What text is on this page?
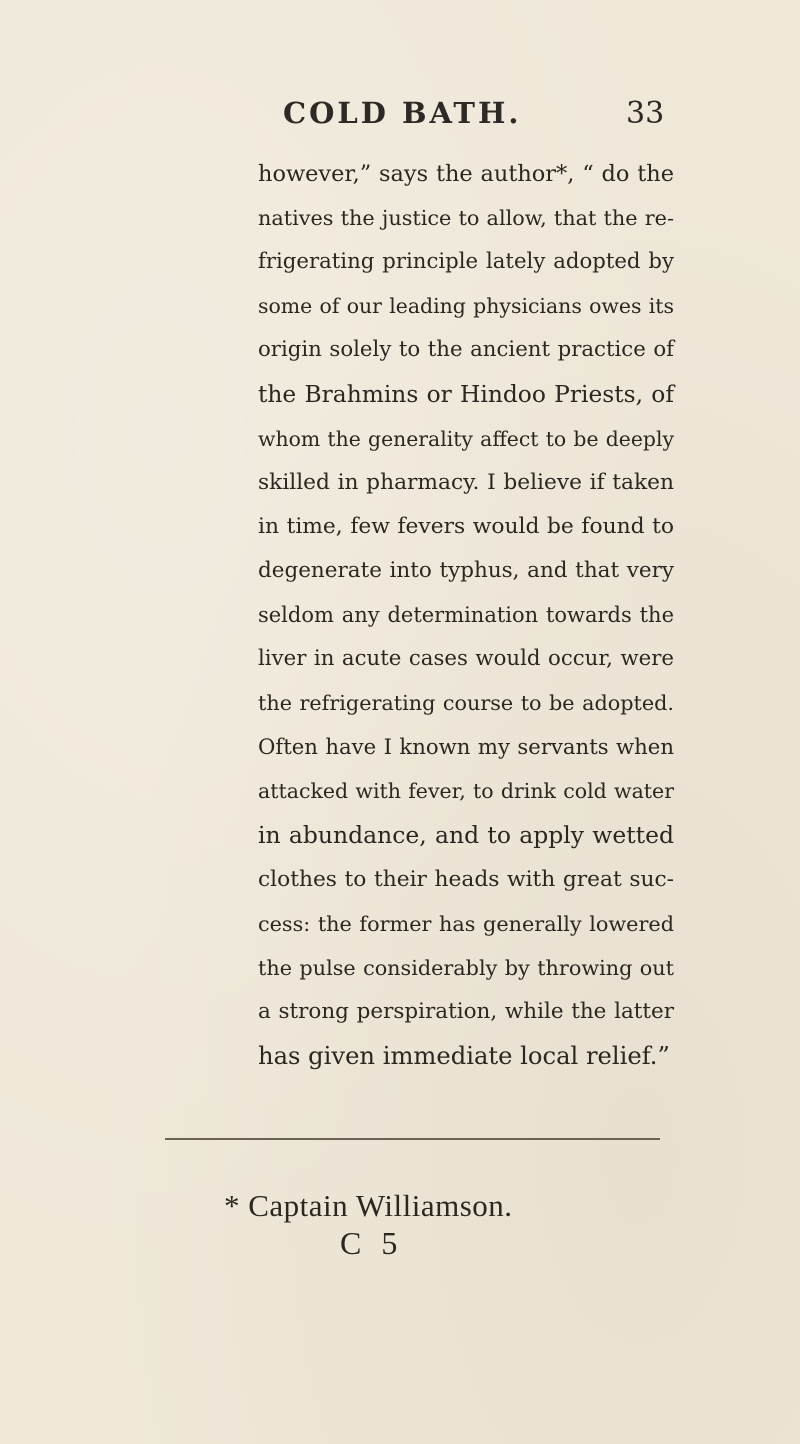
COLD BATH.	33
however,” says the author*, “ do the
natives the justice to allow, that the re-
frigerating principle lately adopted by
some of our leading physicians owes its
origin solely to the ancient practice of
the Brahmins or Hindoo Priests, of
whom the generality affect to be deeply
skilled in pharmacy. I believe if taken
in time, few fevers would be found to
degenerate into typhus, and that very
seldom any determination towards the
liver in acute cases would occur, were
the refrigerating course to be adopted.
Often have I known my servants when
attacked with fever, to drink cold water
in abundance, and to apply wetted
clothes to their heads with great suc-
cess: the former has generally lowered
the pulse considerably by throwing out
a strong perspiration, while the latter
has given immediate local relief.”
* Captain Williamson.
C 5
